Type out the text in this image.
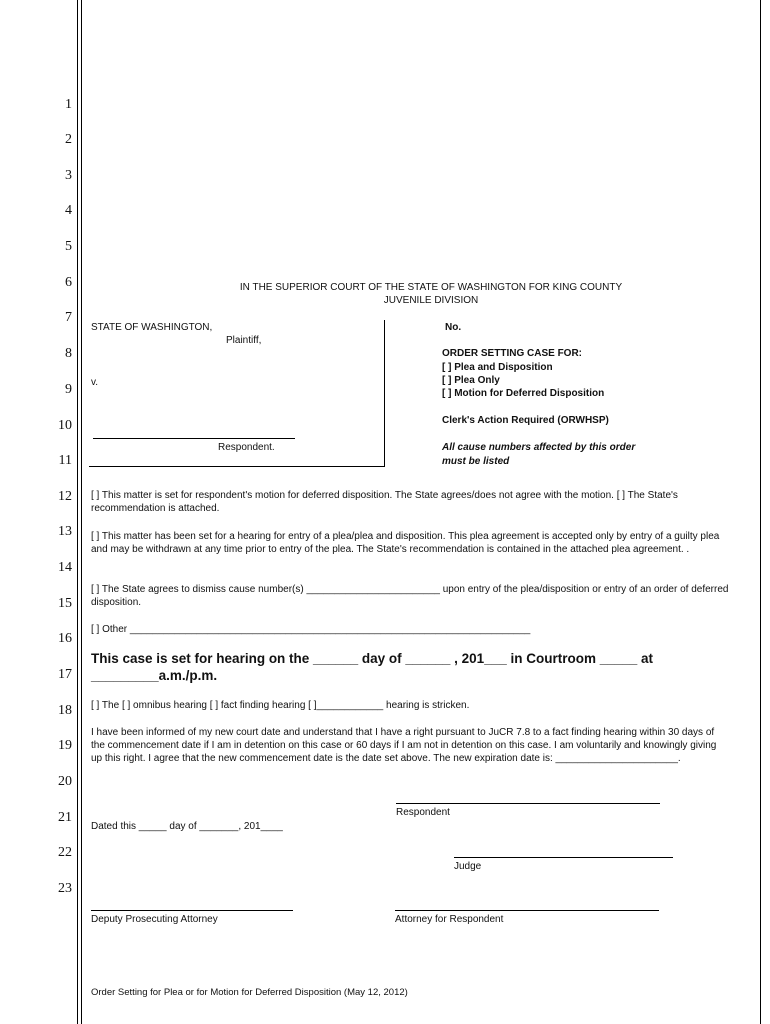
1
2
3
4
5
6
7
8
9
10
11
12
13
14
15
16
17
18
19
20
21
22
23
IN THE SUPERIOR COURT OF THE STATE OF WASHINGTON FOR KING COUNTY
JUVENILE DIVISION
STATE OF WASHINGTON,
Plaintiff,
v.
Respondent.
No.
ORDER SETTING CASE FOR:
[ ] Plea and Disposition
[ ] Plea Only
[ ] Motion for Deferred Disposition
Clerk's Action Required (ORWHSP)
All cause numbers affected by this order
must be listed
[ ] This matter is set for respondent's motion for deferred disposition. The State agrees/does not agree with the motion. [ ] The State's recommendation is attached.
[ ] This matter has been set for a hearing for entry of a plea/plea and disposition. This plea agreement is accepted only by entry of a guilty plea and may be withdrawn at any time prior to entry of the plea. The State's recommendation is contained in the attached plea agreement. .
[ ] The State agrees to dismiss cause number(s) ________________________ upon entry of the plea/disposition or entry of an order of deferred disposition.
[ ] Other ________________________________________________________________________
This case is set for hearing on the ______ day of ______ , 201___ in Courtroom _____ at
_________a.m./p.m.
[ ] The [ ] omnibus hearing [ ] fact finding hearing [ ]____________ hearing is stricken.
I have been informed of my new court date and understand that I have a right pursuant to JuCR 7.8 to a fact finding hearing within 30 days of the commencement date if I am in detention on this case or 60 days if I am not in detention on this case. I am voluntarily and knowingly giving up this right. I agree that the new commencement date is the date set above. The new expiration date is: ______________________.
Respondent
Dated this _____ day of _______, 201____
Judge
Deputy Prosecuting Attorney	Attorney for Respondent
Order Setting for Plea or for Motion for Deferred Disposition (May 12, 2012)
